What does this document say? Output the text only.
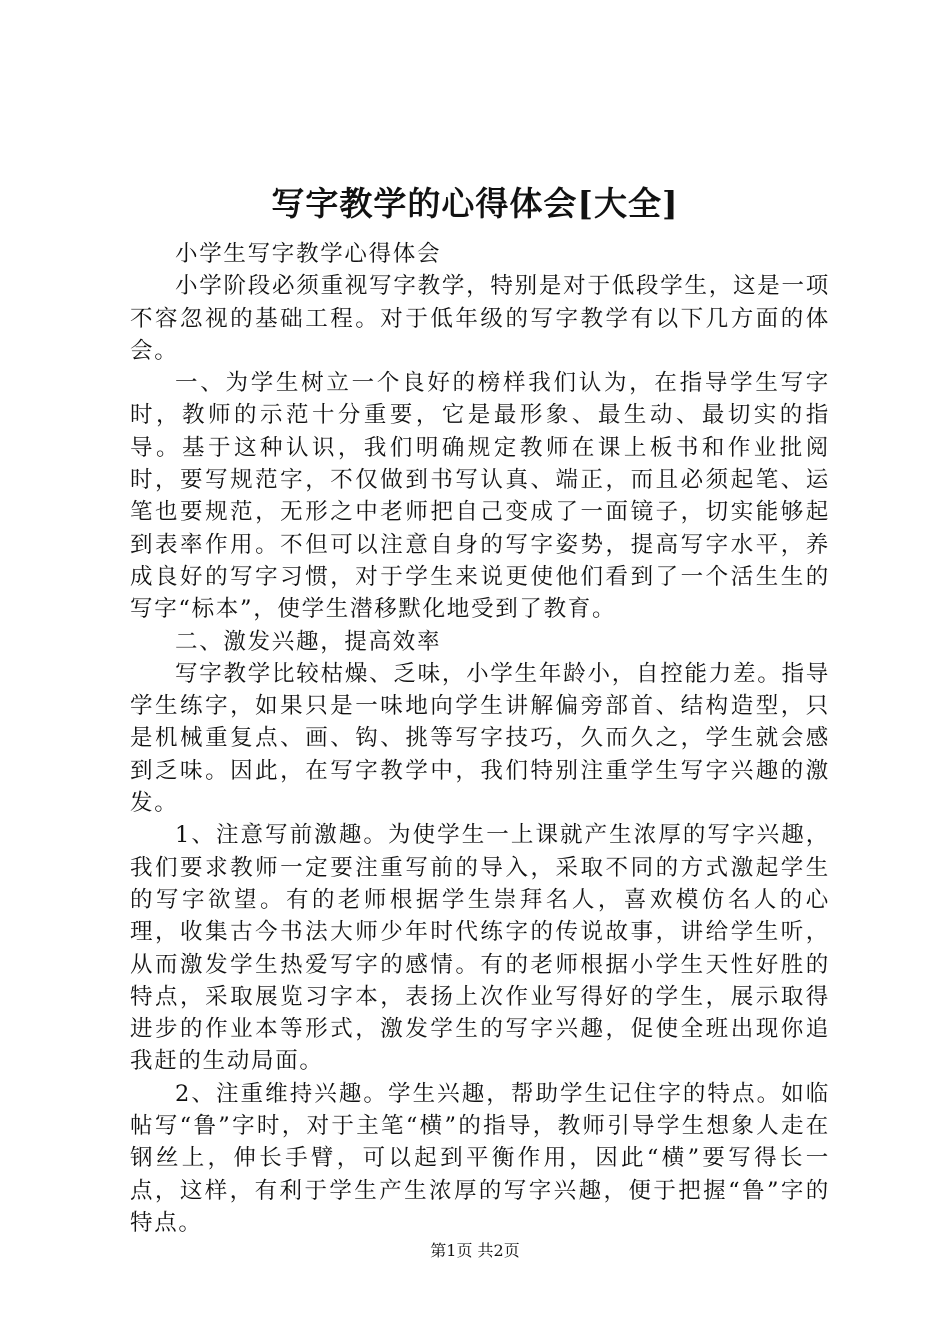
写字教学的心得体会[大全]

小学生写字教学心得体会

小学阶段必须重视写字教学，特别是对于低段学生，这是一项不容忽视的基础工程。对于低年级的写字教学有以下几方面的体会。

一、为学生树立一个良好的榜样我们认为，在指导学生写字时，教师的示范十分重要，它是最形象、最生动、最切实的指导。基于这种认识，我们明确规定教师在课上板书和作业批阅时，要写规范字，不仅做到书写认真、端正，而且必须起笔、运笔也要规范，无形之中老师把自己变成了一面镜子，切实能够起到表率作用。不但可以注意自身的写字姿势，提高写字水平，养成良好的写字习惯，对于学生来说更使他们看到了一个活生生的写字“标本”，使学生潜移默化地受到了教育。

二、激发兴趣，提高效率

写字教学比较枯燥、乏味，小学生年龄小，自控能力差。指导学生练字，如果只是一味地向学生讲解偏旁部首、结构造型，只是机械重复点、画、钩、挑等写字技巧，久而久之，学生就会感到乏味。因此，在写字教学中，我们特别注重学生写字兴趣的激发。

1、注意写前激趣。为使学生一上课就产生浓厚的写字兴趣，我们要求教师一定要注重写前的导入，采取不同的方式激起学生的写字欲望。有的老师根据学生崇拜名人，喜欢模仿名人的心理，收集古今书法大师少年时代练字的传说故事，讲给学生听，从而激发学生热爱写字的感情。有的老师根据小学生天性好胜的特点，采取展览习字本，表扬上次作业写得好的学生，展示取得进步的作业本等形式，激发学生的写字兴趣，促使全班出现你追我赶的生动局面。

2、注重维持兴趣。学生兴趣，帮助学生记住字的特点。如临帖写“鲁”字时，对于主笔“横”的指导，教师引导学生想象人走在钢丝上，伸长手臂，可以起到平衡作用，因此“横”要写得长一点，这样，有利于学生产生浓厚的写字兴趣，便于把握“鲁”字的特点。

第1页 共2页
